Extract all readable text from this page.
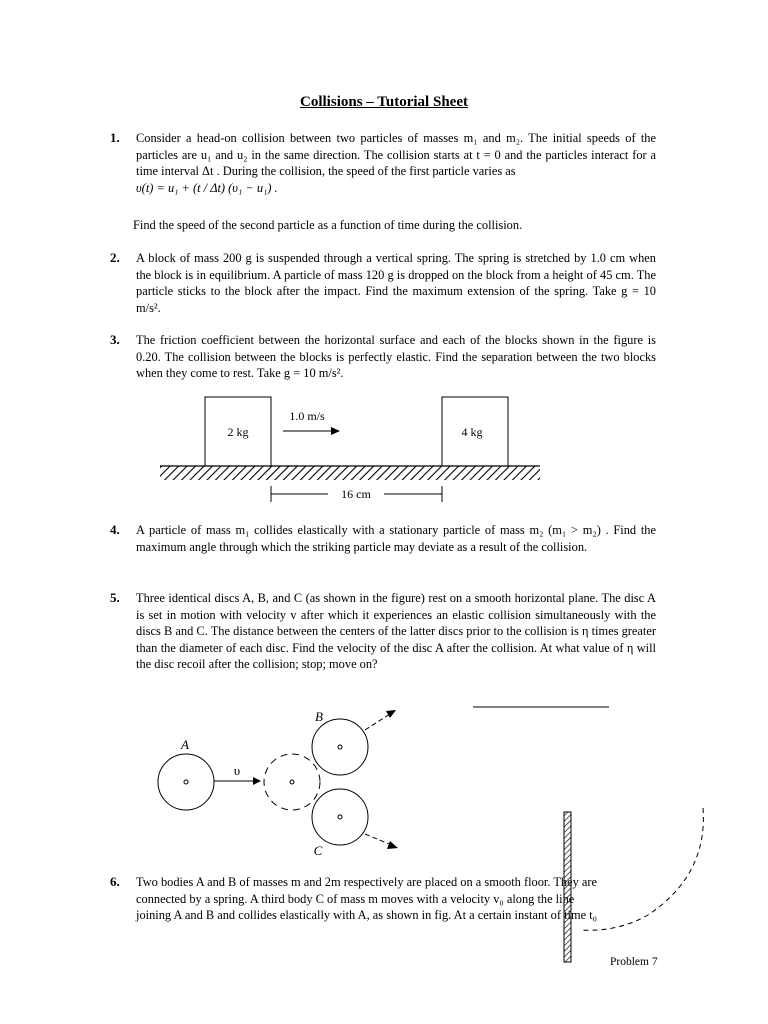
Collisions – Tutorial Sheet
1. Consider a head-on collision between two particles of masses m₁ and m₂. The initial speeds of the particles are u₁ and u₂ in the same direction. The collision starts at t = 0 and the particles interact for a time interval Δt . During the collision, the speed of the first particle varies as
υ(t) = u₁ + (t / Δt) (υ₁ − u₁) .
Find the speed of the second particle as a function of time during the collision.
2. A block of mass 200 g is suspended through a vertical spring. The spring is stretched by 1.0 cm when the block is in equilibrium. A particle of mass 120 g is dropped on the block from a height of 45 cm. The particle sticks to the block after the impact. Find the maximum extension of the spring. Take g = 10 m/s².
3. The friction coefficient between the horizontal surface and each of the blocks shown in the figure is 0.20. The collision between the blocks is perfectly elastic. Find the separation between the two blocks when they come to rest. Take g = 10 m/s².
2 kg	4 kg
1.0 m/s
16 cm
4. A particle of mass m₁ collides elastically with a stationary particle of mass m₂ (m₁ > m₂) . Find the maximum angle through which the striking particle may deviate as a result of the collision.
5. Three identical discs A, B, and C (as shown in the figure) rest on a smooth horizontal plane. The disc A is set in motion with velocity v after which it experiences an elastic collision simultaneously with the discs B and C. The distance between the centers of the latter discs prior to the collision is η times greater than the diameter of each disc. Find the velocity of the disc A after the collision. At what value of η will the disc recoil after the collision; stop; move on?
A
υ
B
C
6. Two bodies A and B of masses m and 2m respectively are placed on a smooth floor. They are
connected by a spring. A third body C of mass m moves with a velocity v₀ along the line
joining A and B and collides elastically with A, as shown in fig. At a certain instant of time t₀
Problem 7
